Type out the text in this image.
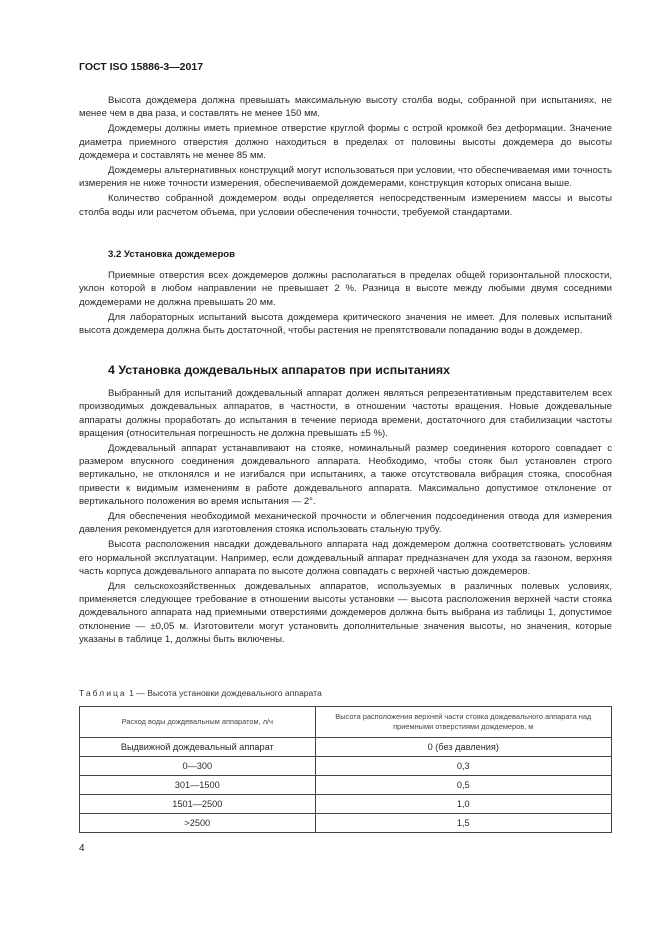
ГОСТ ISO 15886-3—2017

Высота дождемера должна превышать максимальную высоту столба воды, собранной при испытаниях, не менее чем в два раза, и составлять не менее 150 мм.

Дождемеры должны иметь приемное отверстие круглой формы с острой кромкой без деформации. Значение диаметра приемного отверстия должно находиться в пределах от половины высоты дождемера до высоты дождемера и составлять не менее 85 мм.

Дождемеры альтернативных конструкций могут использоваться при условии, что обеспечиваемая ими точность измерения не ниже точности измерения, обеспечиваемой дождемерами, конструкция которых описана выше.

Количество собранной дождемером воды определяется непосредственным измерением массы и высоты столба воды или расчетом объема, при условии обеспечения точности, требуемой стандартами.

3.2 Установка дождемеров

Приемные отверстия всех дождемеров должны располагаться в пределах общей горизонтальной плоскости, уклон которой в любом направлении не превышает 2 %. Разница в высоте между любыми двумя соседними дождемерами не должна превышать 20 мм.

Для лабораторных испытаний высота дождемера критического значения не имеет. Для полевых испытаний высота дождемера должна быть достаточной, чтобы растения не препятствовали попаданию воды в дождемер.

4 Установка дождевальных аппаратов при испытаниях

Выбранный для испытаний дождевальный аппарат должен являться репрезентативным представителем всех производимых дождевальных аппаратов, в частности, в отношении частоты вращения. Новые дождевальные аппараты должны проработать до испытания в течение периода времени, достаточного для стабилизации частоты вращения (относительная погрешность не должна превышать ±5 %).

Дождевальный аппарат устанавливают на стояке, номинальный размер соединения которого совпадает с размером впускного соединения дождевального аппарата. Необходимо, чтобы стояк был установлен строго вертикально, не отклонялся и не изгибался при испытаниях, а также отсутствовала вибрация стояка, способная привести к видимым изменениям в работе дождевального аппарата. Максимально допустимое отклонение от вертикального положения во время испытания — 2°.

Для обеспечения необходимой механической прочности и облегчения подсоединения отвода для измерения давления рекомендуется для изготовления стояка использовать стальную трубу.

Высота расположения насадки дождевального аппарата над дождемером должна соответствовать условиям его нормальной эксплуатации. Например, если дождевальный аппарат предназначен для ухода за газоном, верхняя часть корпуса дождевального аппарата по высоте должна совпадать с верхней частью дождемеров.

Для сельскохозяйственных дождевальных аппаратов, используемых в различных полевых условиях, применяется следующее требование в отношении высоты установки — высота расположения верхней части стояка дождевального аппарата над приемными отверстиями дождемеров должна быть выбрана из таблицы 1, допустимое отклонение — ±0,05 м. Изготовители могут установить дополнительные значения высоты, но значения, которые указаны в таблице 1, должны быть включены.

Таблица 1 — Высота установки дождевального аппарата
Расход воды дождевальным аппаратом, л/ч	Высота расположения верхней части стояка дождевального аппарата над приемными отверстиями дождемеров, м
Выдвижной дождевальный аппарат	0 (без давления)
0—300	0,3
301—1500	0,5
1501—2500	1,0
>2500	1,5
4
